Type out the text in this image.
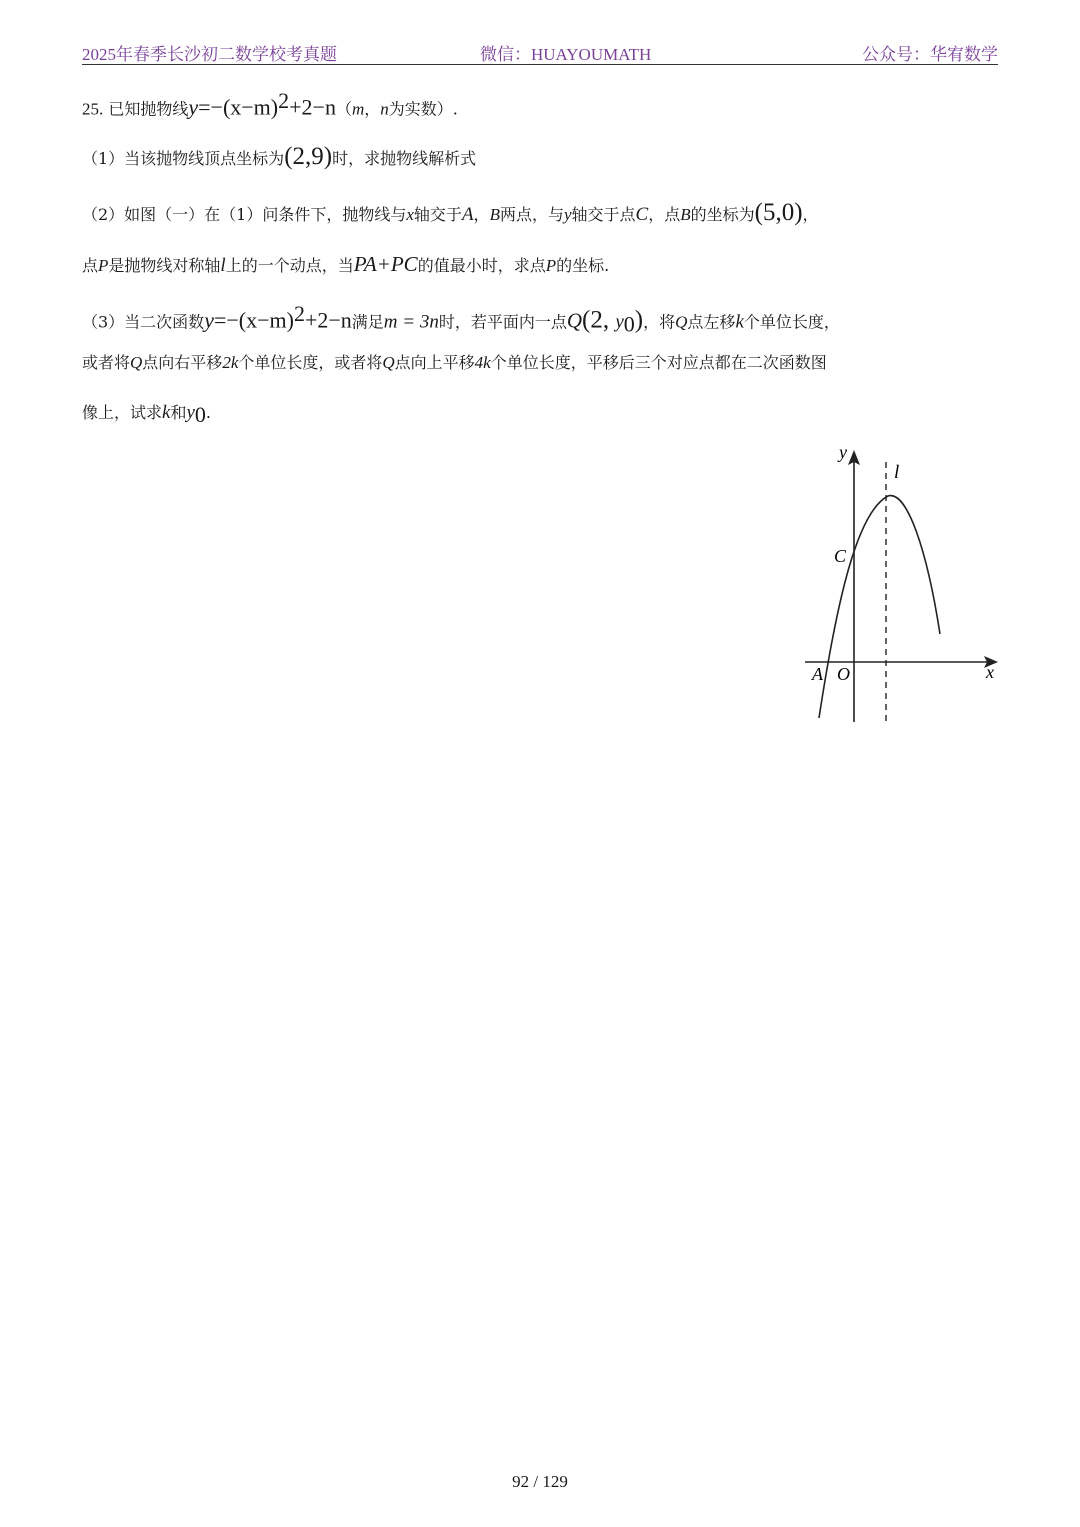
2025年春季长沙初二数学校考真题	微信：HUAYOUMATH	公众号：华宥数学
25. 已知抛物线$y=-(x-m)^2+2-n(m$，n为实数）.
（1）当该抛物线顶点坐标为(2,9)时，求抛物线解析式
（2）如图（一）在（1）问条件下，抛物线与x轴交于A，B两点，与y轴交于点C，点B的坐标为(5,0)，
点P是抛物线对称轴l上的一个动点，当PA+PC的值最小时，求点P的坐标.
（3）当二次函数$y=-(x-m)^2+2-n$满足m = 3n时，若平面内一点Q(2, $y_0$)，将Q点左移k个单位长度，
或者将Q点向右平移2k个单位长度，或者将Q点向上平移4k个单位长度，平移后三个对应点都在二次函数图
像上，试求k和$y_0$.
y
x
l
C
A O
92 / 129
